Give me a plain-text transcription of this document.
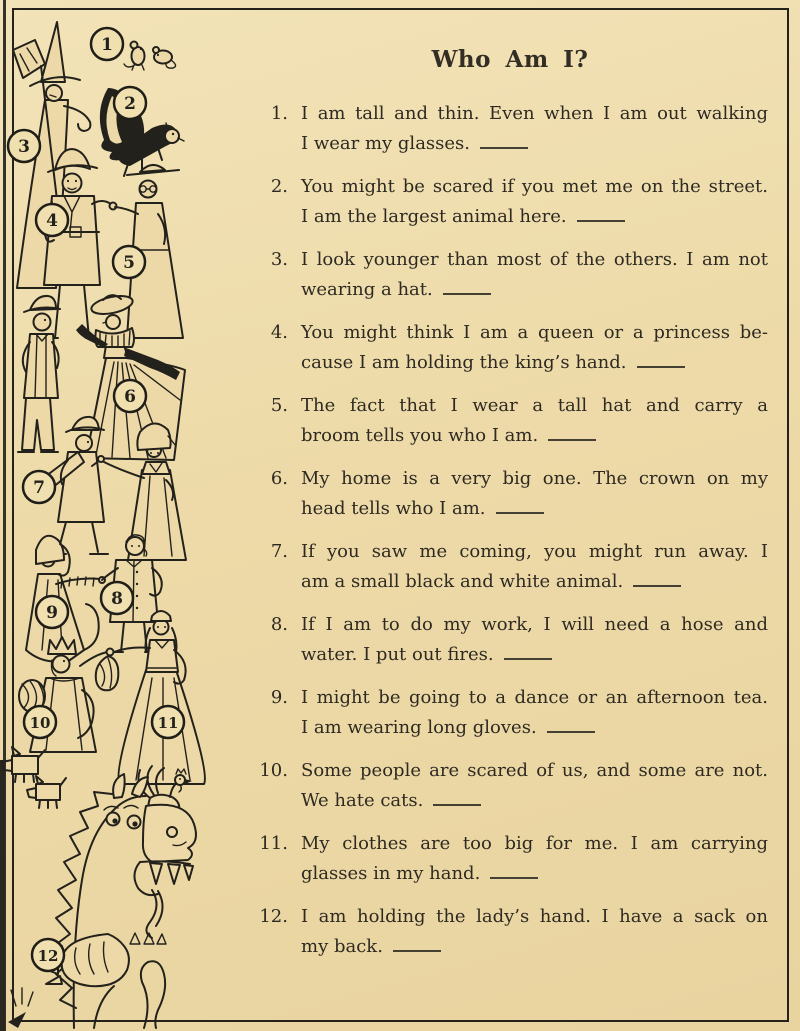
1
2
3
4
5
6
7
8
9
10	11
12
Who Am I?
1. I am tall and thin. Even when I am out walking
I wear my glasses.
2. You might be scared if you met me on the street.
I am the largest animal here.
3. I look younger than most of the others. I am not
wearing a hat.
4. You might think I am a queen or a princess be-
cause I am holding the king’s hand.
5. The fact that I wear a tall hat and carry a
broom tells you who I am.
6. My home is a very big one. The crown on my
head tells who I am.
7. If you saw me coming, you might run away. I
am a small black and white animal.
8. If I am to do my work, I will need a hose and
water. I put out fires.
9. I might be going to a dance or an afternoon tea.
I am wearing long gloves.
10. Some people are scared of us, and some are not.
We hate cats.
11. My clothes are too big for me. I am carrying
glasses in my hand.
12. I am holding the lady’s hand. I have a sack on
my back.
